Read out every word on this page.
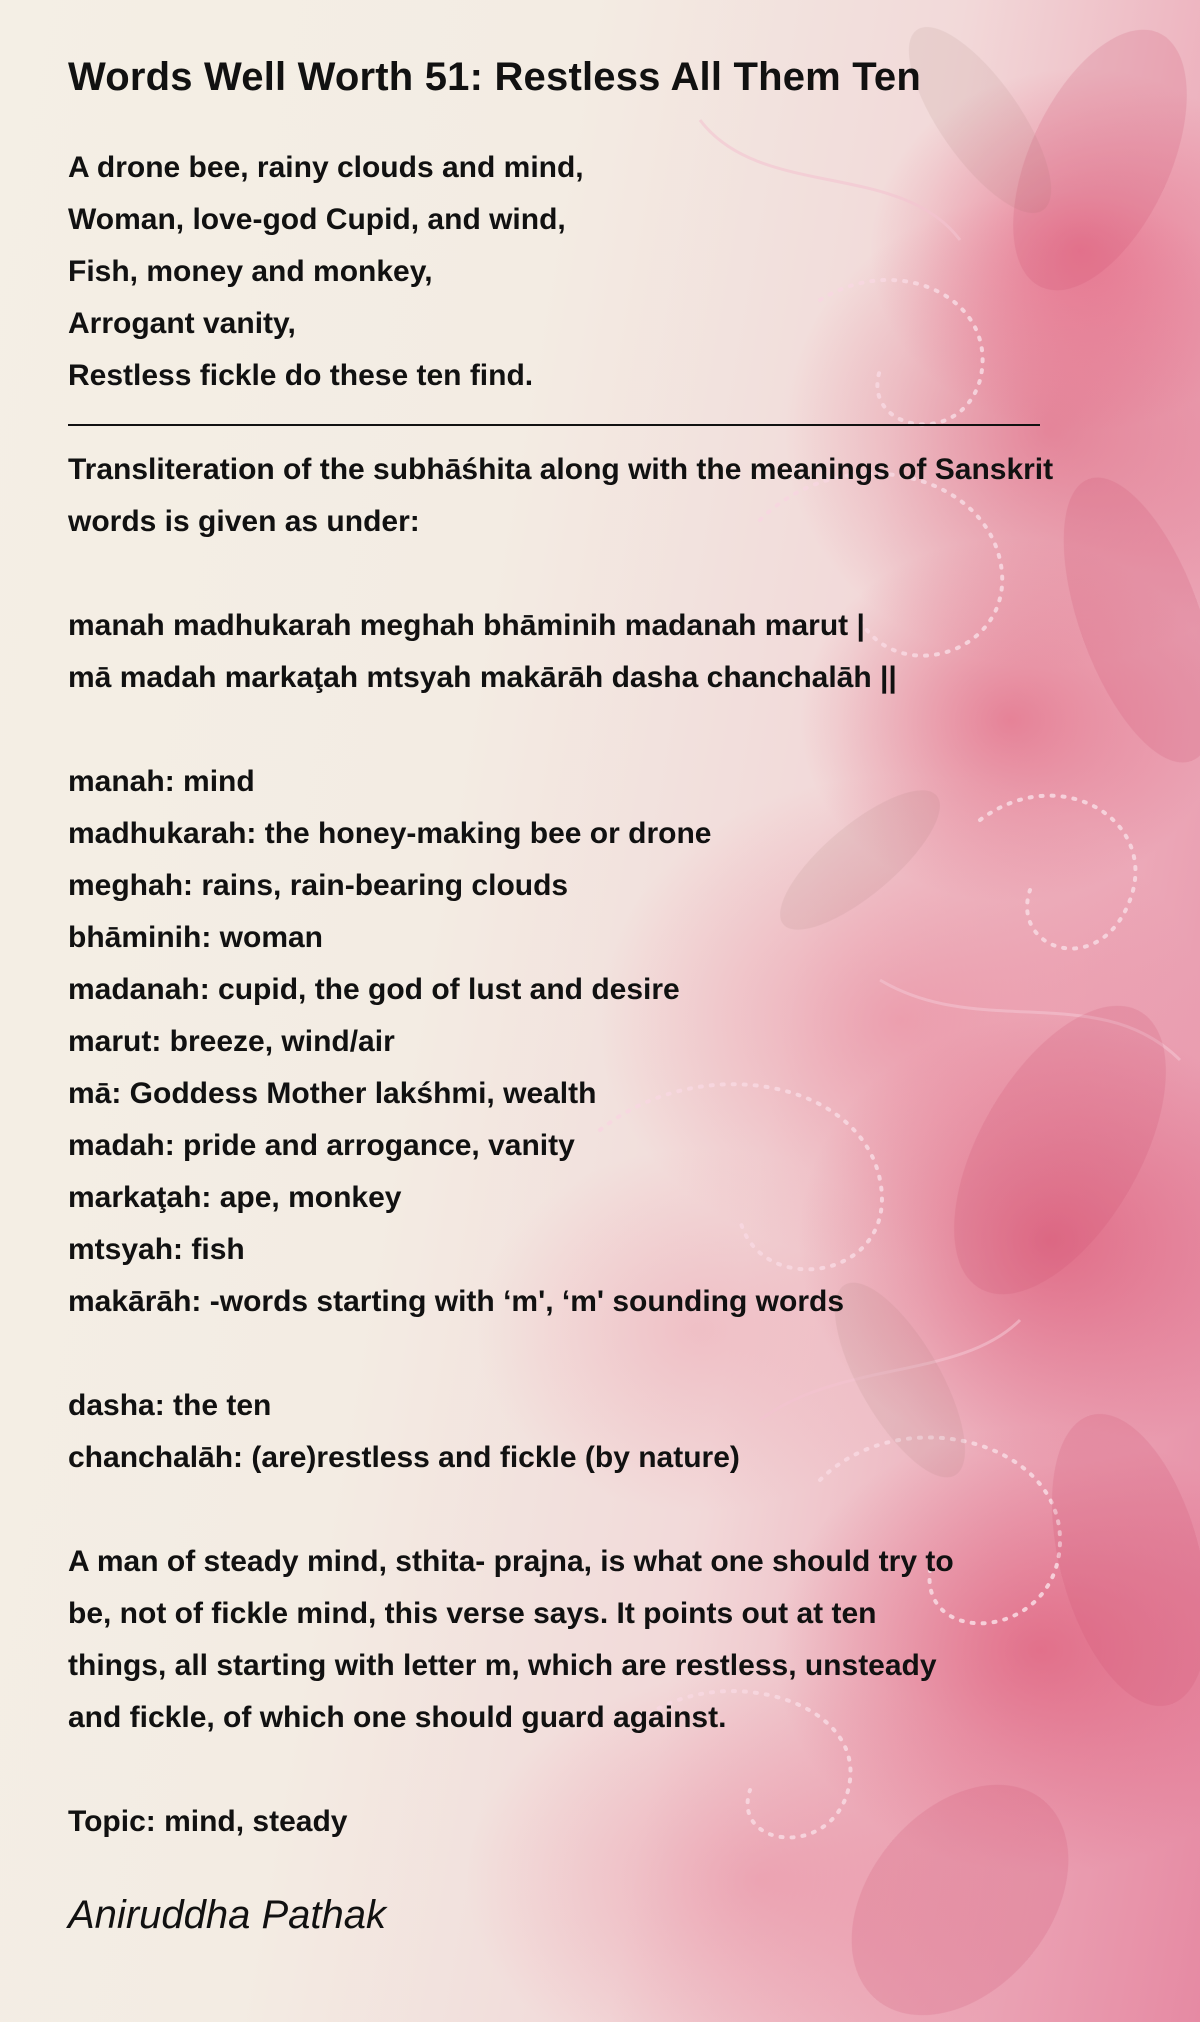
Words Well Worth 51: Restless All Them Ten
A drone bee, rainy clouds and mind,
Woman, love-god Cupid, and wind,
Fish, money and monkey,
Arrogant vanity,
Restless fickle do these ten find.
Transliteration of the subhāśhita along with the meanings of Sanskrit
words is given as under:
manah madhukarah meghah bhāminih madanah marut |
mā madah markaţah mtsyah makārāh dasha chanchalāh ||
manah: mind
madhukarah: the honey-making bee or drone
meghah: rains, rain-bearing clouds
bhāminih: woman
madanah: cupid, the god of lust and desire
marut: breeze, wind/air
mā: Goddess Mother lakśhmi, wealth
madah: pride and arrogance, vanity
markaţah: ape, monkey
mtsyah: fish
makārāh: -words starting with ‘m', ‘m' sounding words
dasha: the ten
chanchalāh: (are)restless and fickle (by nature)
A man of steady mind, sthita- prajna, is what one should try to
be, not of fickle mind, this verse says. It points out at ten
things, all starting with letter m, which are restless, unsteady
and fickle, of which one should guard against.
Topic: mind, steady
Aniruddha Pathak
